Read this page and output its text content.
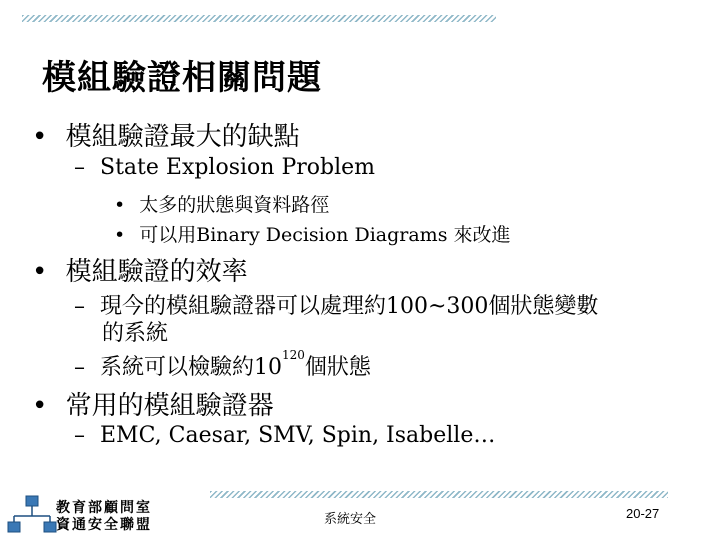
模組驗證相關問題
• 模組驗證最大的缺點
– State Explosion Problem
• 太多的狀態與資料路徑
• 可以用Binary Decision Diagrams 來改進
• 模組驗證的效率
– 現今的模組驗證器可以處理約100~300個狀態變數
的系統
– 系統可以檢驗約$10^{120}$個狀態
• 常用的模組驗證器
– EMC, Caesar, SMV, Spin, Isabelle…
教育部顧問室
資通安全聯盟	系統安全	20-27
